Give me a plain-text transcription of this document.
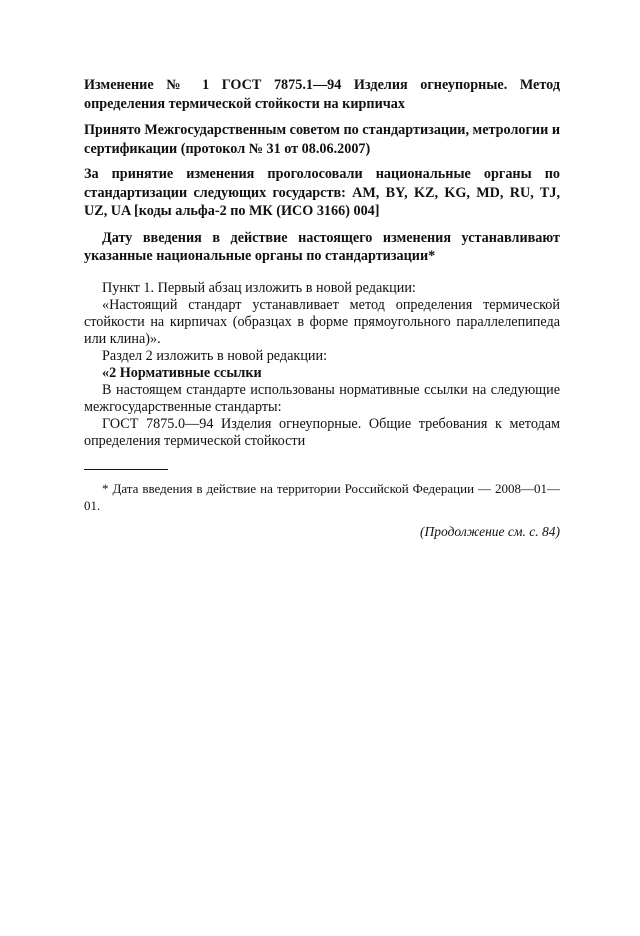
Изменение № 1 ГОСТ 7875.1—94 Изделия огнеупорные. Метод определения термической стойкости на кирпичах

Принято Межгосударственным советом по стандартизации, метрологии и сертификации (протокол № 31 от 08.06.2007)

За принятие изменения проголосовали национальные органы по стандартизации следующих государств: AM, BY, KZ, KG, MD, RU, TJ, UZ, UA [коды альфа-2 по МК (ИСО 3166) 004]

Дату введения в действие настоящего изменения устанавливают указанные национальные органы по стандартизации*

Пункт 1. Первый абзац изложить в новой редакции:

«Настоящий стандарт устанавливает метод определения термической стойкости на кирпичах (образцах в форме прямоугольного параллелепипеда или клина)».

Раздел 2 изложить в новой редакции:

«2 Нормативные ссылки

В настоящем стандарте использованы нормативные ссылки на следующие межгосударственные стандарты:

ГОСТ 7875.0—94 Изделия огнеупорные. Общие требования к методам определения термической стойкости

* Дата введения в действие на территории Российской Федерации — 2008—01—01.

(Продолжение см. с. 84)
